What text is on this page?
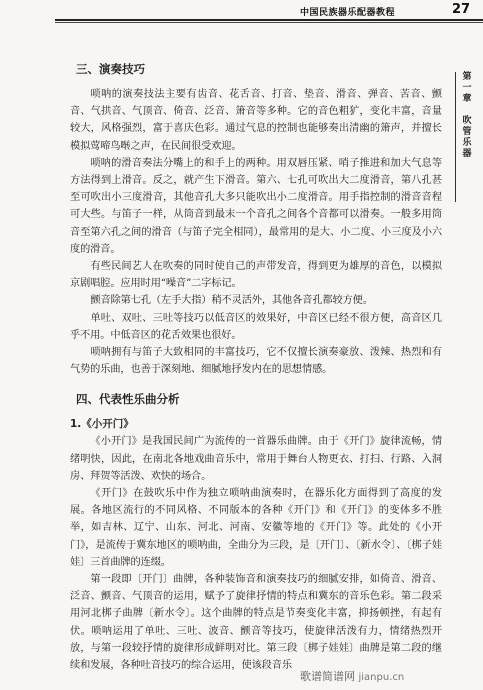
中国民族器乐配器教程	27
第一章
吹管乐器
三、演奏技巧

唢呐的演奏技法主要有齿音、花舌音、打音、垫音、滑音、弹音、苦音、颤音、气拱音、气顶音、倚音、泛音、箫音等多种。它的音色粗犷，变化丰富，音量较大，风格强烈，富于喜庆色彩。通过气息的控制也能够奏出清幽的箫声，并擅长模拟莺啼鸟啭之声，在民间很受欢迎。

唢呐的滑音奏法分嘴上的和手上的两种。用双唇压紧、哨子推进和加大气息等方法得到上滑音。反之，就产生下滑音。第六、七孔可吹出大二度滑音，第八孔甚至可吹出小三度滑音，其他音孔大多只能吹出小二度滑音。用手指控制的滑音音程可大些。与笛子一样，从筒音到最末一个音孔之间各个音都可以滑奏。一般多用筒音至第六孔之间的滑音（与笛子完全相同），最常用的是大、小二度、小三度及小六度的滑音。

有些民间艺人在吹奏的同时使自己的声带发音，得到更为雄厚的音色，以模拟京剧唱腔。应用时用“噪音”二字标记。

颤音除第七孔（左手大指）稍不灵活外，其他各音孔都较方便。

单吐、双吐、三吐等技巧以低音区的效果好，中音区已经不很方便，高音区几乎不用。中低音区的花舌效果也很好。

唢呐拥有与笛子大致相同的丰富技巧，它不仅擅长演奏豪放、泼辣、热烈和有气势的乐曲，也善于深刻地、细腻地抒发内在的思想情感。

四、代表性乐曲分析
1.《小开门》

《小开门》是我国民间广为流传的一首器乐曲牌。由于《开门》旋律流畅，情绪明快，因此，在南北各地戏曲音乐中，常用于舞台人物更衣、打扫、行路、入洞房、拜贺等活泼、欢快的场合。

《开门》在鼓吹乐中作为独立唢呐曲演奏时，在器乐化方面得到了高度的发展。各地区流行的不同风格、不同版本的各种《开门》和《开门》的变体多不胜举，如吉林、辽宁、山东、河北、河南、安徽等地的《开门》等。此处的《小开门》，是流传于冀东地区的唢呐曲，全曲分为三段，是〔开门〕、〔新水令〕、〔梆子娃娃〕三首曲牌的连缀。

第一段即〔开门〕曲牌，各种装饰音和演奏技巧的细腻安排，如倚音、滑音、泛音、颤音、气顶音的运用，赋予了旋律抒情的特点和冀东的音乐色彩。第二段采用河北梆子曲牌〔新水令〕。这个曲牌的特点是节奏变化丰富，抑扬顿挫，有起有伏。唢呐运用了单吐、三吐、波音、颤音等技巧，使旋律活泼有力，情绪热烈开放，与第一段较抒情的旋律形成鲜明对比。第三段〔梆子娃娃〕曲牌是第二段的继续和发展，各种吐音技巧的综合运用，使该段音乐

歌谱简谱网 jianpu.cn
